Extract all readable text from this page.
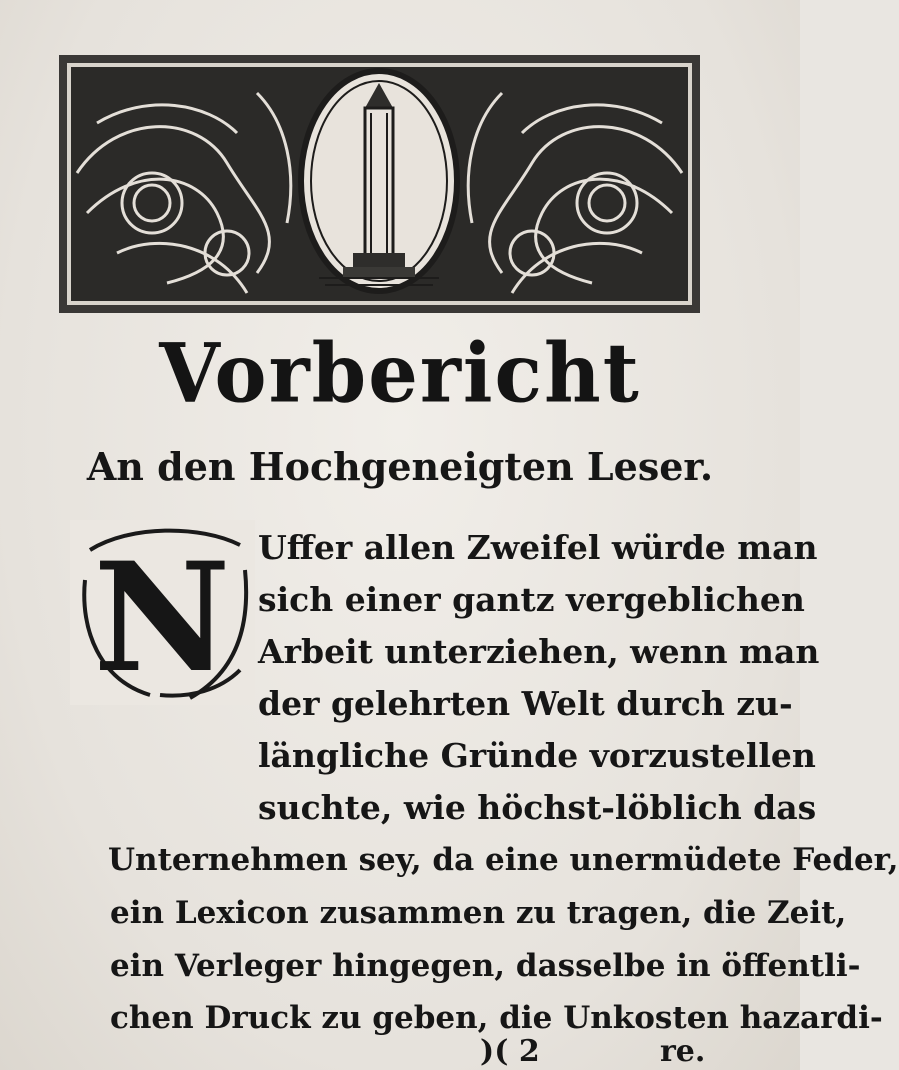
Vorbericht
An den Hochgeneigten Leser.
N Uffer allen Zweifel würde man
sich einer gantz vergeblichen
Arbeit unterziehen, wenn man
der gelehrten Welt durch zu-
längliche Gründe vorzustellen
suchte, wie höchst-löblich das
Unternehmen sey, da eine unermüdete Feder,
ein Lexicon zusammen zu tragen, die Zeit,
ein Verleger hingegen, dasselbe in öffentli-
chen Druck zu geben, die Unkosten hazardi-
)( 2	re.
